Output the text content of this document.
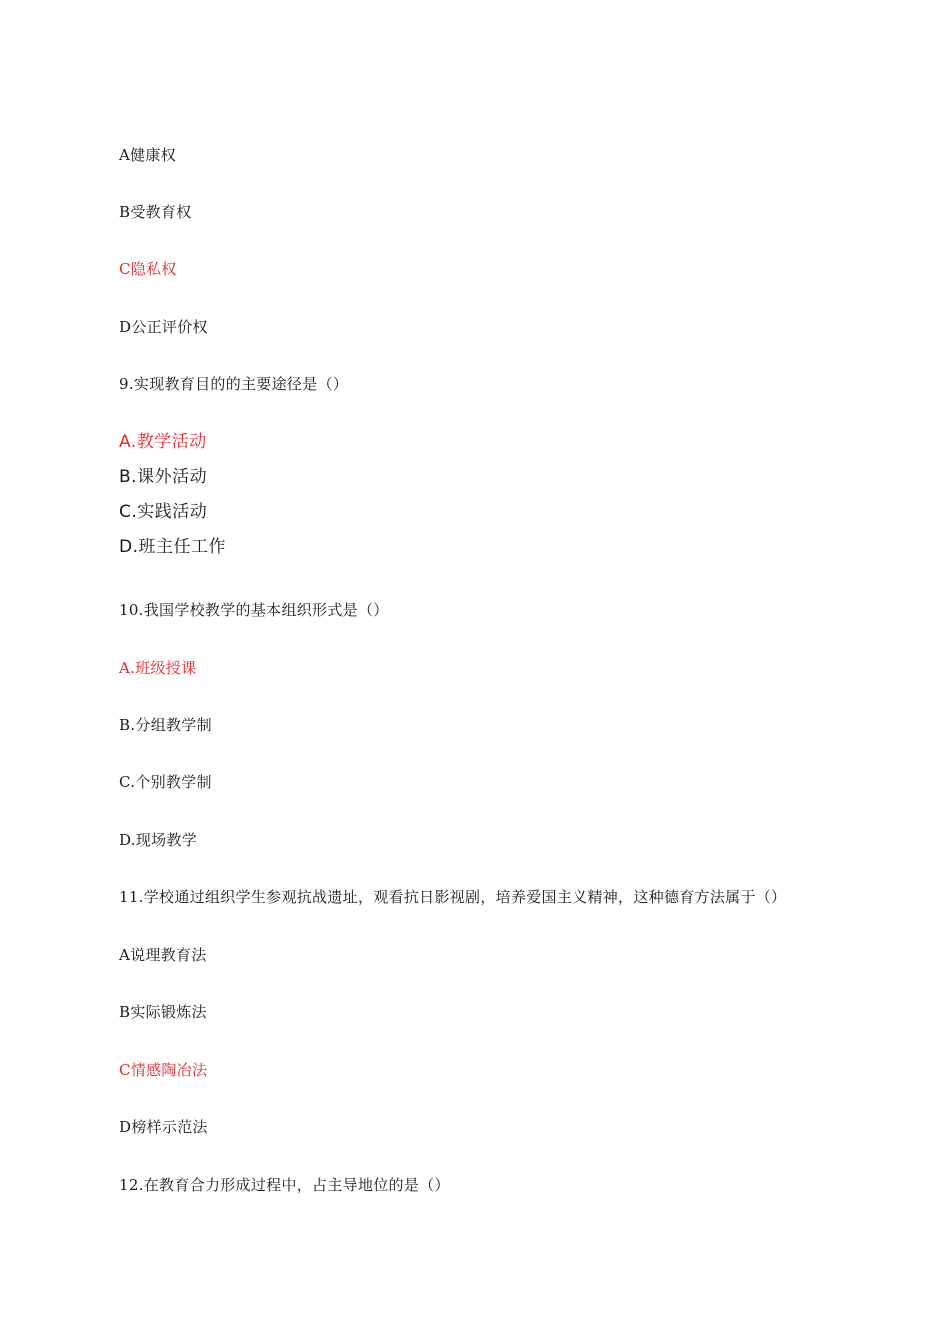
A健康权
B受教育权
C隐私权
D公正评价权
9.实现教育目的的主要途径是（）
A.教学活动
B.课外活动
C.实践活动
D.班主任工作
10.我国学校教学的基本组织形式是（）
A.班级授课
B.分组教学制
C.个别教学制
D.现场教学
11.学校通过组织学生参观抗战遗址，观看抗日影视剧，培养爱国主义精神，这种德育方法属于（）
A说理教育法
B实际锻炼法
C情感陶冶法
D榜样示范法
12.在教育合力形成过程中，占主导地位的是（）
